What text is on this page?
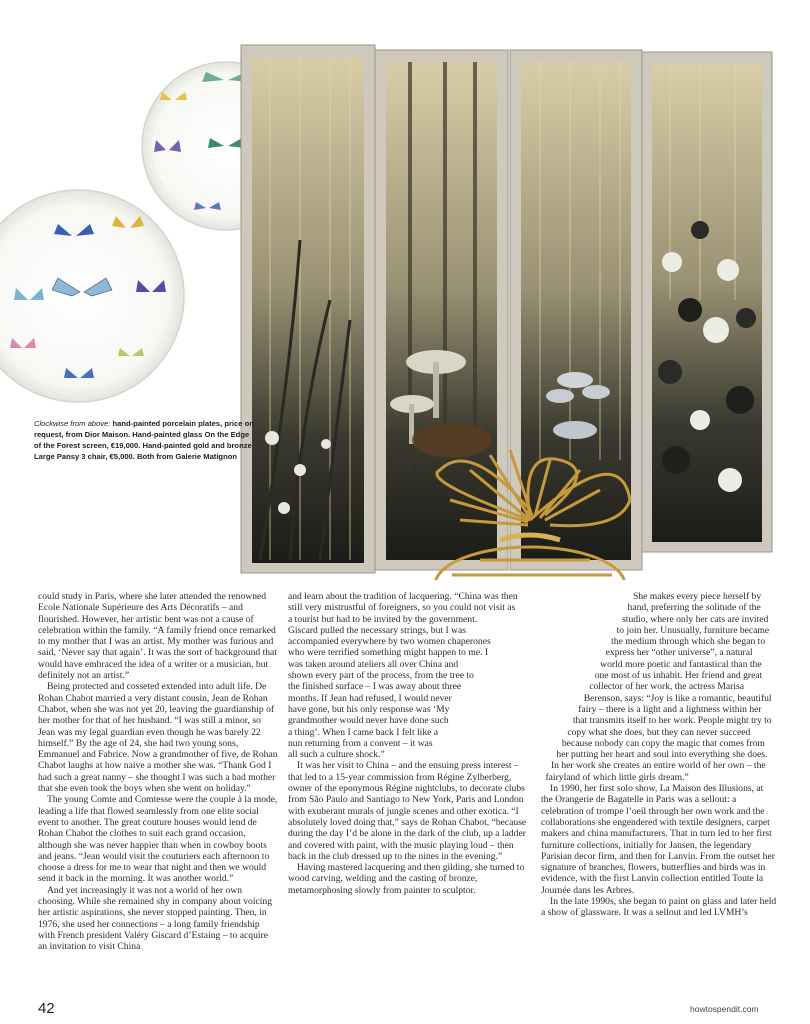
Clockwise from above: hand-painted porcelain plates, price on request, from Dior Maison. Hand-painted glass On the Edge of the Forest screen, €19,000. Hand-painted gold and bronze Large Pansy 3 chair, €5,000. Both from Galerie Matignon

could study in Paris, where she later attended the renowned Ecole Nationale Supérieure des Arts Décoratifs – and flourished. However, her artistic bent was not a cause of celebration within the family. “A family friend once remarked to my mother that I was an artist. My mother was furious and said, ‘Never say that again’. It was the sort of background that would have embraced the idea of a writer or a musician, but definitely not an artist.”

Being protected and cosseted extended into adult life. De Rohan Chabot married a very distant cousin, Jean de Rohan Chabot, when she was not yet 20, leaving the guardianship of her mother for that of her husband. “I was still a minor, so Jean was my legal guardian even though he was barely 22 himself.” By the age of 24, she had two young sons, Emmanuel and Fabrice. Now a grandmother of five, de Rohan Chabot laughs at how naive a mother she was. “Thank God I had such a great nanny – she thought I was such a bad mother that she even took the boys when she went on holiday.”

The young Comte and Comtesse were the couple à la mode, leading a life that flowed seamlessly from one elite social event to another. The great couture houses would lend de Rohan Chabot the clothes to suit each grand occasion, although she was never happier than when in cowboy boots and jeans. “Jean would visit the couturiers each afternoon to choose a dress for me to wear that night and then we would send it back in the morning. It was another world.”

And yet increasingly it was not a world of her own choosing. While she remained shy in company about voicing her artistic aspirations, she never stopped painting. Then, in 1976, she used her connections – a long family friendship with French president Valéry Giscard d’Estaing – to acquire an invitation to visit China

and learn about the tradition of lacquering. “China was then still very mistrustful of foreigners, so you could not visit as a tourist but had to be invited by the government. Giscard pulled the necessary strings, but I was accompanied everywhere by two women chaperones who were terrified something might happen to me. I was taken around ateliers all over China and shown every part of the process, from the tree to the finished surface – I was away about three months. If Jean had refused, I would never have gone, but his only response was ‘My grandmother would never have done such a thing’. When I came back I felt like a nun returning from a convent – it was all such a culture shock.”

It was her visit to China – and the ensuing press interest – that led to a 15-year commission from Régine Zylberberg, owner of the eponymous Régine nightclubs, to decorate clubs from São Paulo and Santiago to New York, Paris and London with exuberant murals of jungle scenes and other exotica. “I absolutely loved doing that,” says de Rohan Chabot, “because during the day I’d be alone in the dark of the club, up a ladder and covered with paint, with the music playing loud – then back in the club dressed up to the nines in the evening.”

Having mastered lacquering and then gilding, she turned to wood carving, welding and the casting of bronze, metamorphosing slowly from painter to sculptor.

She makes every piece herself by hand, preferring the solitude of the studio, where only her cats are invited to join her. Unusually, furniture became the medium through which she began to express her “other universe”, a natural world more poetic and fantastical than the one most of us inhabit. Her friend and great collector of her work, the actress Marisa Berenson, says: “Joy is like a romantic, beautiful fairy – there is a light and a lightness within her that transmits itself to her work. People might try to copy what she does, but they can never succeed because nobody can copy the magic that comes from her putting her heart and soul into everything she does. In her work she creates an entire world of her own – the fairyland of which little girls dream.”

In 1990, her first solo show, La Maison des Illusions, at the Orangerie de Bagatelle in Paris was a sellout: a celebration of trompe l’oeil through her own work and the collaborations she engendered with textile designers, carpet makers and china manufacturers. That in turn led to her first furniture collections, initially for Jansen, the legendary Parisian decor firm, and then for Lanvin. From the outset her signature of branches, flowers, butterflies and birds was in evidence, with the first Lanvin collection entitled Toute la Journée dans les Arbres.

In the late 1990s, she began to paint on glass and later held a show of glassware. It was a sellout and led LVMH’s

42	howtospendit.com
